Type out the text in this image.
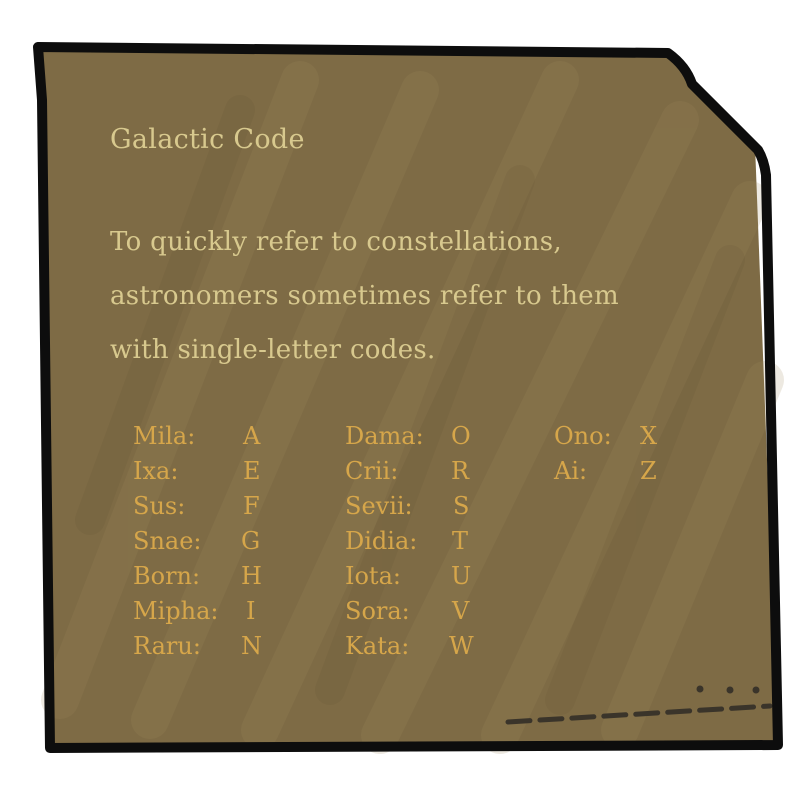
Galactic Code
To quickly refer to constellations,
astronomers sometimes refer to them
with single-letter codes.
Mila: A
Ixa:	E
Sus: F
Snae: G
Born: H
Mipha: I
Raru: N
Dama: O
Crii: R
Sevii: S
Didia: T
Iota: U
Sora: V
Kata: W
Ono: X
Ai: Z
